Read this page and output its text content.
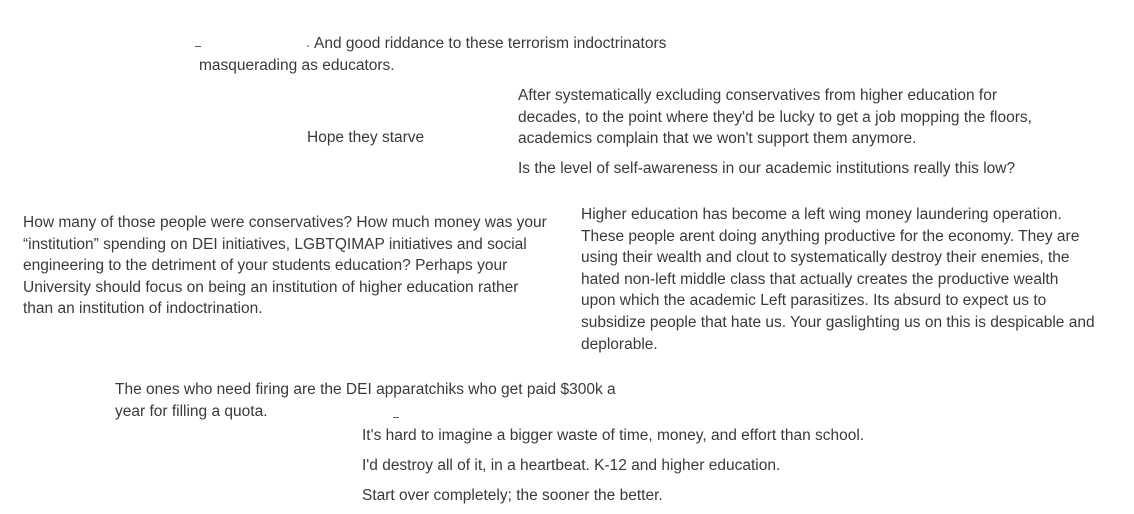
And good riddance to these terrorism indoctrinators
masquerading as educators.

After systematically excluding conservatives from higher education for
decades, to the point where they'd be lucky to get a job mopping the floors,
academics complain that we won't support them anymore.

Is the level of self-awareness in our academic institutions really this low?

Hope they starve

How many of those people were conservatives? How much money was your
“institution” spending on DEI initiatives, LGBTQIMAP initiatives and social
engineering to the detriment of your students education? Perhaps your
University should focus on being an institution of higher education rather
than an institution of indoctrination.

Higher education has become a left wing money laundering operation.
These people arent doing anything productive for the economy. They are
using their wealth and clout to systematically destroy their enemies, the
hated non-left middle class that actually creates the productive wealth
upon which the academic Left parasitizes. Its absurd to expect us to
subsidize people that hate us. Your gaslighting us on this is despicable and
deplorable.

The ones who need firing are the DEI apparatchiks who get paid $300k a
year for filling a quota.

It's hard to imagine a bigger waste of time, money, and effort than school.

I'd destroy all of it, in a heartbeat. K-12 and higher education.

Start over completely; the sooner the better.
